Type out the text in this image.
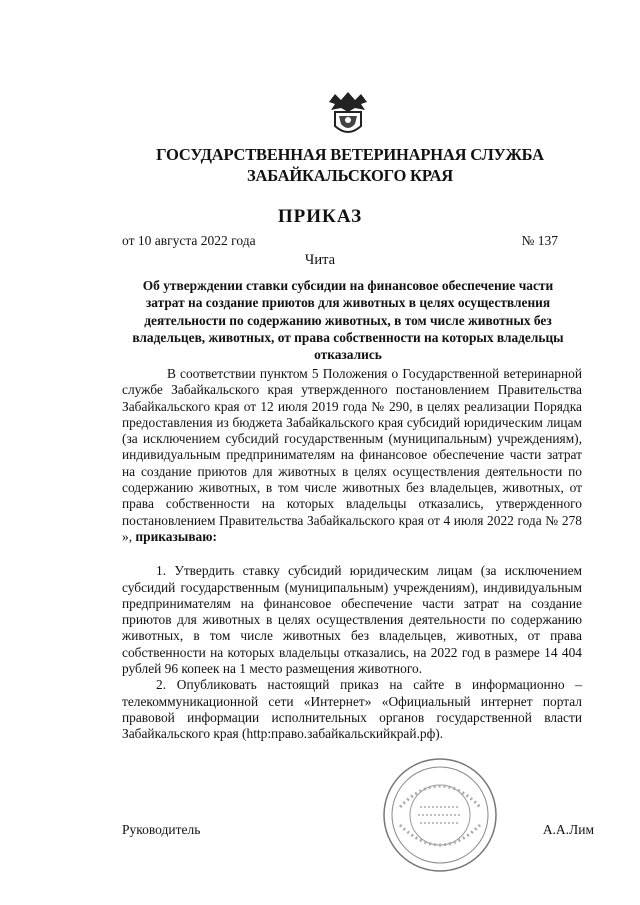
ГОСУДАРСТВЕННАЯ ВЕТЕРИНАРНАЯ СЛУЖБА
ЗАБАЙКАЛЬСКОГО КРАЯ
ПРИКАЗ
от 10 августа 2022 года	№ 137
Чита
Об утверждении ставки субсидии на финансовое обеспечение части затрат на создание приютов для животных в целях осуществления деятельности по содержанию животных, в том числе животных без владельцев, животных, от права собственности на которых владельцы отказались

В соответствии пунктом 5 Положения о Государственной ветеринарной службе Забайкальского края утвержденного постановлением Правительства Забайкальского края от 12 июля 2019 года № 290, в целях реализации Порядка предоставления из бюджета Забайкальского края субсидий юридическим лицам (за исключением субсидий государственным (муниципальным) учреждениям), индивидуальным предпринимателям на финансовое обеспечение части затрат на создание приютов для животных в целях осуществления деятельности по содержанию животных, в том числе животных без владельцев, животных, от права собственности на которых владельцы отказались, утвержденного постановлением Правительства Забайкальского края от 4 июля 2022 года № 278 », приказываю:

1. Утвердить ставку субсидий юридическим лицам (за исключением субсидий государственным (муниципальным) учреждениям), индивидуальным предпринимателям на финансовое обеспечение части затрат на создание приютов для животных в целях осуществления деятельности по содержанию животных, в том числе животных без владельцев, животных, от права собственности на которых владельцы отказались, на 2022 год в размере 14 404 рублей 96 копеек на 1 место размещения животного.

2. Опубликовать настоящий приказ на сайте в информационно – телекоммуникационной сети «Интернет» «Официальный интернет портал правовой информации исполнительных органов государственной власти Забайкальского края (http:право.забайкальскийкрай.рф).

Руководитель	А.А.Лим
